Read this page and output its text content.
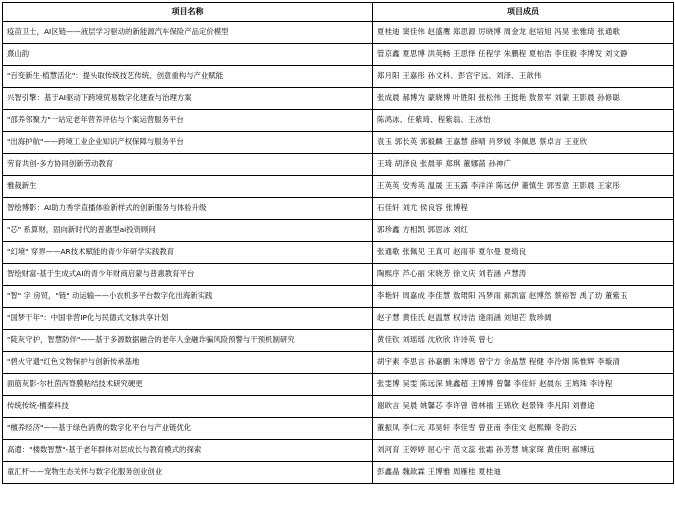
项目名称	项目成员
疫苗卫士，AI区链——液层学习驱动的新能源汽车保险产品定价模型	夏桂迪 窦佳伟 赵盛鹰 郑思源 厉晓博 周金龙 赵培旭 冯昊 张雅琦 张通歌
熹山韵	管京鑫 夏思博 洪英畅 王思怿 任程学 朱鹏程 夏柏浩 李佳毅 李博发 刘文静
"百变新生·植慧活化"：提头取传统技艺传统、创意重构与产业赋能	郑月阳 王嘉彤 孙文科、彭宫宇远、刘泽、王歆伟
兴智引擎：基于AI驱动下跨境贸易数字化建查与治理方案	张成晨 郝博为 蒙晓博 叶胜阳 张松伟 王挺艳 敖景军 刘蒙 王影晨 孙修聪
"邵养邻聚力"一站定老年营养评估与个案运营服务平台	陈鸿冰、任紫琦、程紫翁、王冰怡
"出海护航"——跨境工业企业知识产权保障与服务平台	袁玉 郭长英 郭毅麟 王嘉慧 薛晴 肖梦媛 李佩恩 蔡卓言 王亚欣
劳育共创-多方协同创新劳动教育	王琦 胡泽良 张晨菲 郑琪 董娜菡 孙神广
雅裁新生	王英英 安秀英 温晟 王玉露 李洋洋 陈远伊 董慎生 郭雪意 王影晨 王家彤
智绘博影：AI助力秀学直播体验新样式的创新服务与体验升级	石佳轩 刘尤 侯良容 张博程
"芯" 系算财，固向新时代的普惠型ai投资顾问	郭珍鑫 方相凯 郭思冰 刘红
"幻境" 穿界——AR技术赋能的青少年研学实践教育	张通歌 张佩见 王真可 赵雨菲 夏尔曼 夏绮良
智绘财富-基于生成式AI的青少年财商启蒙与普惠教育平台	陶熙序 芦心丽 宋晓芳 徐文庆 刘若涵 卢慧涛
"智" 字 房贸，"链" 动运输——小农机多平台数字化出海新实践	李艳轩 周嘉成 李佳慧 敖珺阳 冯梦雨 郝凯富 赵博然 蔡裕智 禹了玏 董紫玉
"国梦干年"：中国非营IP化与民德式文脉共享计划	赵子慧 黄佳氏 赵温慧 权诗洁 逄雨涵 刘旭芒 敖珍阔
"陡灰守护，智慧防伴"——基于多源数据融合的老年人金融诈骗风险预警与干预机制研究	黄佳钦 刘瑶瑶 沈欣欣 许诗英 曾七
"碧火守遗"红色文物保护与创新传承基地	胡宇素 李思言 孙嘉鹏 朱博恩 曾宁方 余晶慧 程健 李泠烟 陈惟辉 李璇清
面筋灰影-尔杜茵泻脊膜粘结技术研究硬更	张雯博 吴雯 陈远深 姚鑫超 王博博 曾馨 李佳轩 赵晨东 王鸠珠 李诗程
传统传统-檀泰科技	谢欧言 吴晨 姚馨芯 李许曾 曾林禧 王锦欣 赵景锋 李凡阳 刘曹途
"檀养经济"——基于绿色消费的数字化平台与产业链优化	董振凤 李仁元 邓昊轩 李佳雪 曾亚南 李佳文 赵熙臻 冬韵云
高遣："楼数智慧"-基于老年群体对层成长与教育模式的探索	刘河育 王婷婷 屈心宇 范文蕊 张霜 孙芳慧 姚家琛 黄佳明 郝博远
童汇杆——宠物生态关怀与数字化服务创业创业	彭鑫晶 魏歆霖 王博雅 周雁桂 夏桂迪
